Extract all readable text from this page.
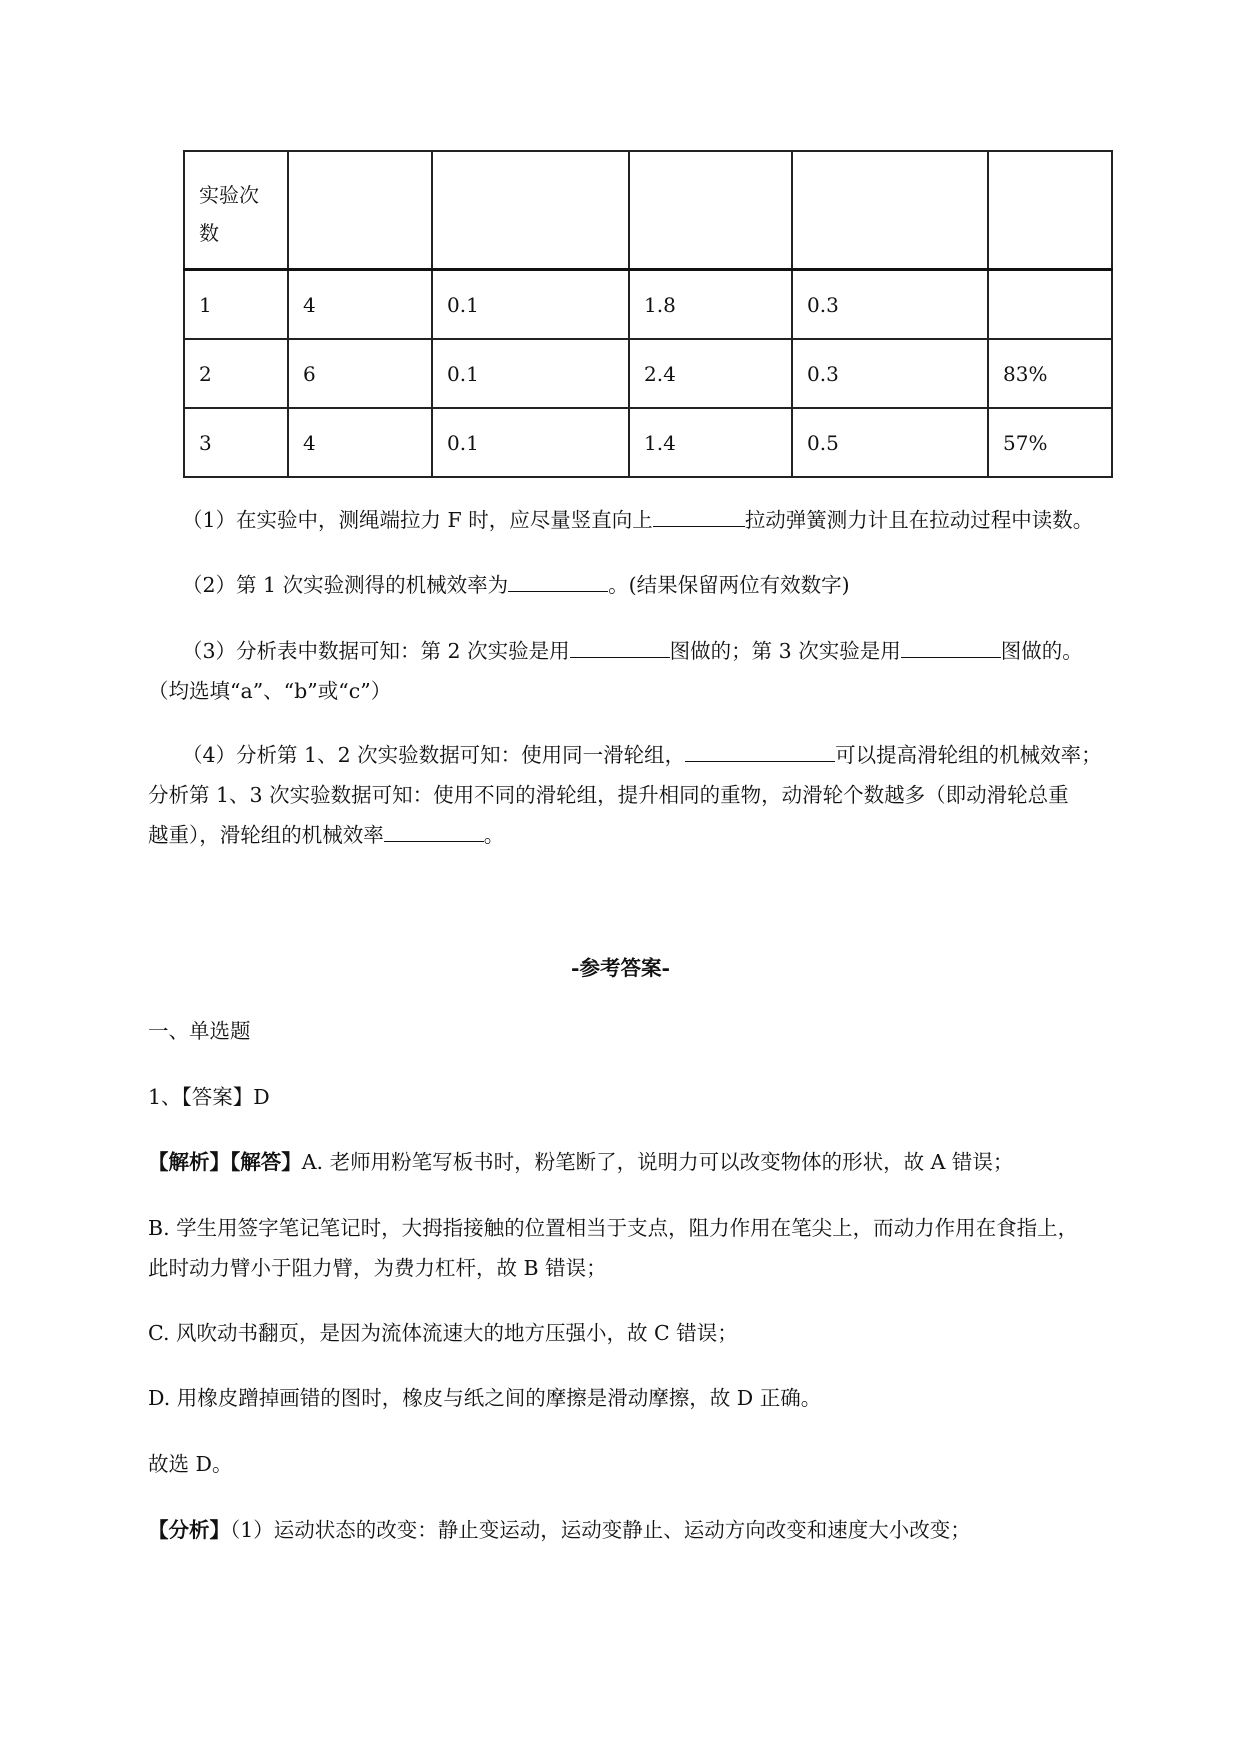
实验次数					

1	4	0.1	1.8	0.3	
2	6	0.1	2.4	0.3	83%
3	4	0.1	1.4	0.5	57%

（1）在实验中，测绳端拉力 F 时，应尽量竖直向上	拉动弹簧测力计且在拉动过程中读数。

（2）第 1 次实验测得的机械效率为	。(结果保留两位有效数字)

（3）分析表中数据可知：第 2 次实验是用	图做的；第 3 次实验是用	图做的。

（均选填“a”、“b”或“c”）

（4）分析第 1、2 次实验数据可知：使用同一滑轮组，	可以提高滑轮组的机械效率；

分析第 1、3 次实验数据可知：使用不同的滑轮组，提升相同的重物，动滑轮个数越多（即动滑轮总重

越重），滑轮组的机械效率	。

-参考答案-

一、单选题

1、【答案】D

【解析】【解答】A. 老师用粉笔写板书时，粉笔断了，说明力可以改变物体的形状，故 A 错误；

B. 学生用签字笔记笔记时，大拇指接触的位置相当于支点，阻力作用在笔尖上，而动力作用在食指上，

此时动力臂小于阻力臂，为费力杠杆，故 B 错误；

C. 风吹动书翻页，是因为流体流速大的地方压强小，故 C 错误；

D. 用橡皮蹭掉画错的图时，橡皮与纸之间的摩擦是滑动摩擦，故 D 正确。

故选 D。

【分析】（1）运动状态的改变：静止变运动，运动变静止、运动方向改变和速度大小改变；
